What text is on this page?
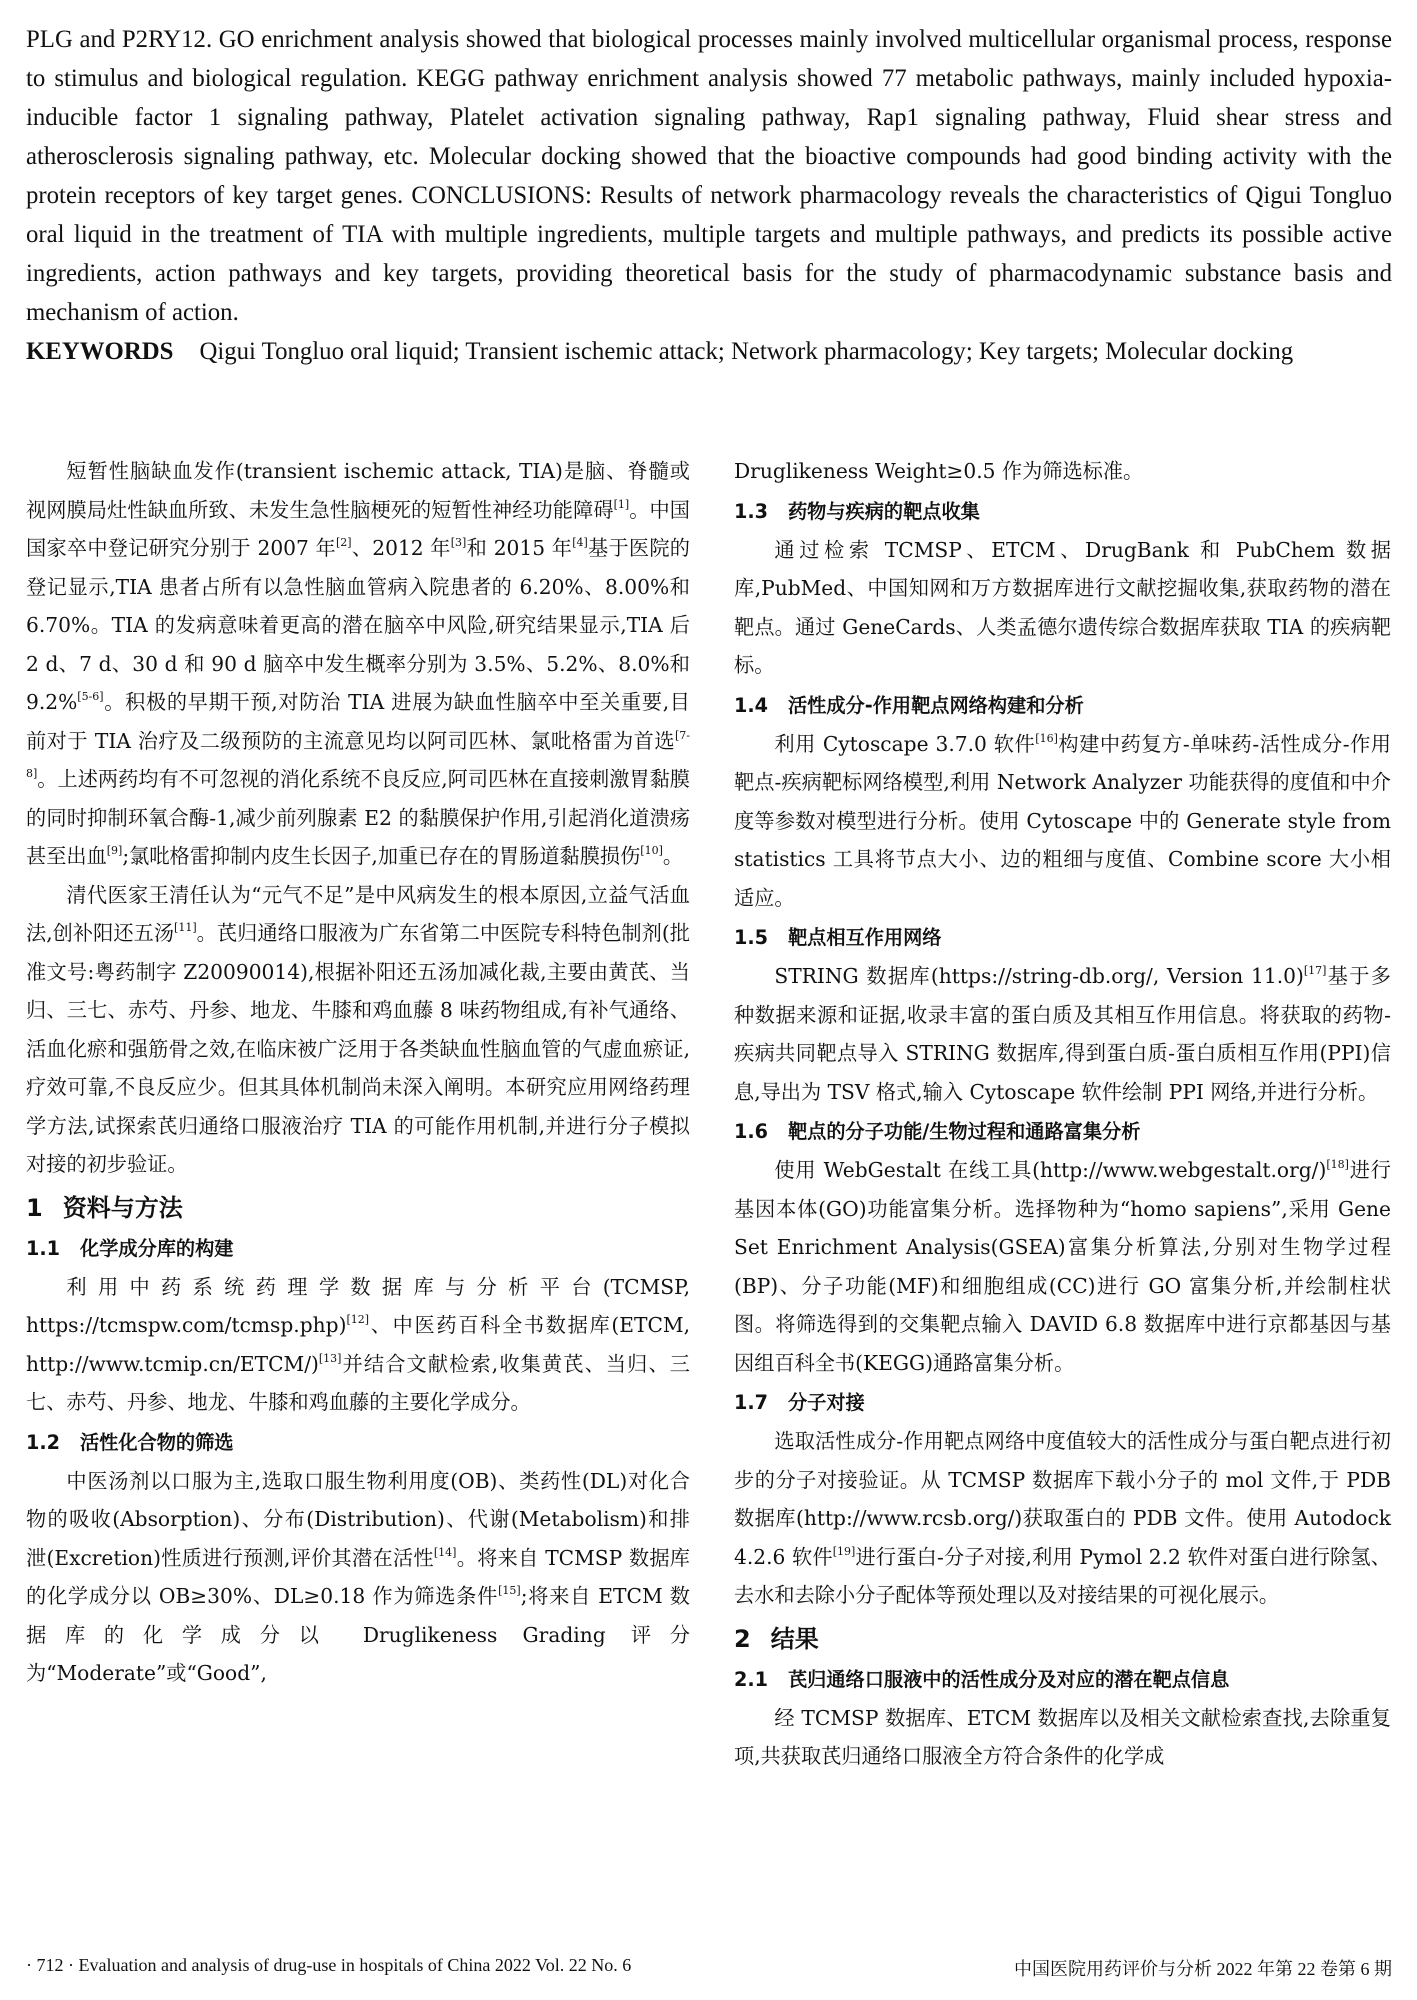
PLG and P2RY12. GO enrichment analysis showed that biological processes mainly involved multicellular organismal process, response to stimulus and biological regulation. KEGG pathway enrichment analysis showed 77 metabolic pathways, mainly included hypoxia-inducible factor 1 signaling pathway, Platelet activation signaling pathway, Rap1 signaling pathway, Fluid shear stress and atherosclerosis signaling pathway, etc. Molecular docking showed that the bioactive compounds had good binding activity with the protein receptors of key target genes. CONCLUSIONS: Results of network pharmacology reveals the characteristics of Qigui Tongluo oral liquid in the treatment of TIA with multiple ingredients, multiple targets and multiple pathways, and predicts its possible active ingredients, action pathways and key targets, providing theoretical basis for the study of pharmacodynamic substance basis and mechanism of action.
KEYWORDS Qigui Tongluo oral liquid; Transient ischemic attack; Network pharmacology; Key targets; Molecular docking

短暂性脑缺血发作(transient ischemic attack, TIA)是脑、脊髓或视网膜局灶性缺血所致、未发生急性脑梗死的短暂性神经功能障碍[1]。中国国家卒中登记研究分别于 2007 年[2]、2012 年[3]和 2015 年[4]基于医院的登记显示,TIA 患者占所有以急性脑血管病入院患者的 6.20%、8.00%和 6.70%。TIA 的发病意味着更高的潜在脑卒中风险,研究结果显示,TIA 后 2 d、7 d、30 d 和 90 d 脑卒中发生概率分别为 3.5%、5.2%、8.0%和 9.2%[5-6]。积极的早期干预,对防治 TIA 进展为缺血性脑卒中至关重要,目前对于 TIA 治疗及二级预防的主流意见均以阿司匹林、氯吡格雷为首选[7-8]。上述两药均有不可忽视的消化系统不良反应,阿司匹林在直接刺激胃黏膜的同时抑制环氧合酶-1,减少前列腺素 E2 的黏膜保护作用,引起消化道溃疡甚至出血[9];氯吡格雷抑制内皮生长因子,加重已存在的胃肠道黏膜损伤[10]。

清代医家王清任认为“元气不足”是中风病发生的根本原因,立益气活血法,创补阳还五汤[11]。芪归通络口服液为广东省第二中医院专科特色制剂(批准文号:粤药制字 Z20090014),根据补阳还五汤加减化裁,主要由黄芪、当归、三七、赤芍、丹参、地龙、牛膝和鸡血藤 8 味药物组成,有补气通络、活血化瘀和强筋骨之效,在临床被广泛用于各类缺血性脑血管的气虚血瘀证,疗效可靠,不良反应少。但其具体机制尚未深入阐明。本研究应用网络药理学方法,试探索芪归通络口服液治疗 TIA 的可能作用机制,并进行分子模拟对接的初步验证。

1 资料与方法
1.1 化学成分库的构建

利用中药系统药理学数据库与分析平台(TCMSP, https://tcmspw.com/tcmsp.php)[12]、中医药百科全书数据库(ETCM, http://www.tcmip.cn/ETCM/)[13]并结合文献检索,收集黄芪、当归、三七、赤芍、丹参、地龙、牛膝和鸡血藤的主要化学成分。

1.2 活性化合物的筛选

中医汤剂以口服为主,选取口服生物利用度(OB)、类药性(DL)对化合物的吸收(Absorption)、分布(Distribution)、代谢(Metabolism)和排泄(Excretion)性质进行预测,评价其潜在活性[14]。将来自 TCMSP 数据库的化学成分以 OB≥30%、DL≥0.18 作为筛选条件[15];将来自 ETCM 数据库的化学成分以 Druglikeness Grading 评分为“Moderate”或“Good”,

Druglikeness Weight≥0.5 作为筛选标准。

1.3 药物与疾病的靶点收集

通过检索 TCMSP、ETCM、DrugBank 和 PubChem 数据库,PubMed、中国知网和万方数据库进行文献挖掘收集,获取药物的潜在靶点。通过 GeneCards、人类孟德尔遗传综合数据库获取 TIA 的疾病靶标。

1.4 活性成分-作用靶点网络构建和分析

利用 Cytoscape 3.7.0 软件[16]构建中药复方-单味药-活性成分-作用靶点-疾病靶标网络模型,利用 Network Analyzer 功能获得的度值和中介度等参数对模型进行分析。使用 Cytoscape 中的 Generate style from statistics 工具将节点大小、边的粗细与度值、Combine score 大小相适应。

1.5 靶点相互作用网络

STRING 数据库(https://string-db.org/, Version 11.0)[17]基于多种数据来源和证据,收录丰富的蛋白质及其相互作用信息。将获取的药物-疾病共同靶点导入 STRING 数据库,得到蛋白质-蛋白质相互作用(PPI)信息,导出为 TSV 格式,输入 Cytoscape 软件绘制 PPI 网络,并进行分析。

1.6 靶点的分子功能/生物过程和通路富集分析

使用 WebGestalt 在线工具(http://www.webgestalt.org/)[18]进行基因本体(GO)功能富集分析。选择物种为“homo sapiens”,采用 Gene Set Enrichment Analysis(GSEA)富集分析算法,分别对生物学过程(BP)、分子功能(MF)和细胞组成(CC)进行 GO 富集分析,并绘制柱状图。将筛选得到的交集靶点输入 DAVID 6.8 数据库中进行京都基因与基因组百科全书(KEGG)通路富集分析。

1.7 分子对接

选取活性成分-作用靶点网络中度值较大的活性成分与蛋白靶点进行初步的分子对接验证。从 TCMSP 数据库下载小分子的 mol 文件,于 PDB 数据库(http://www.rcsb.org/)获取蛋白的 PDB 文件。使用 Autodock 4.2.6 软件[19]进行蛋白-分子对接,利用 Pymol 2.2 软件对蛋白进行除氢、去水和去除小分子配体等预处理以及对接结果的可视化展示。

2 结果
2.1 芪归通络口服液中的活性成分及对应的潜在靶点信息

经 TCMSP 数据库、ETCM 数据库以及相关文献检索查找,去除重复项,共获取芪归通络口服液全方符合条件的化学成

· 712 · Evaluation and analysis of drug-use in hospitals of China 2022 Vol. 22 No. 6	中国医院用药评价与分析 2022 年第 22 卷第 6 期
